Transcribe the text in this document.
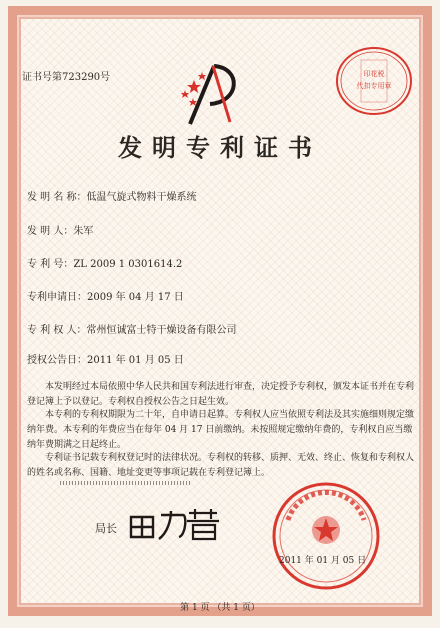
证书号第723290号	印花税
代扣专用章
发明专利证书
发 明 名 称：低温气旋式物料干燥系统
发 明 人：朱军
专 利 号：ZL 2009 1 0301614.2
专利申请日：2009 年 04 月 17 日
专 利 权 人：常州恒诚富士特干燥设备有限公司
授权公告日：2011 年 01 月 05 日
本发明经过本局依照中华人民共和国专利法进行审查，决定授予专利权，颁发本证书并在专利登记簿上予以登记。专利权自授权公告之日起生效。
本专利的专利权期限为二十年，自申请日起算。专利权人应当依照专利法及其实施细则规定缴纳年费。本专利的年费应当在每年 04 月 17 日前缴纳。未按照规定缴纳年费的，专利权自应当缴纳年费期满之日起终止。
专利证书记载专利权登记时的法律状况。专利权的转移、质押、无效、终止、恢复和专利权人的姓名或名称、国籍、地址变更等事项记载在专利登记簿上。
局长
2011 年 01 月 05 日
第 1 页 （共 1 页）
